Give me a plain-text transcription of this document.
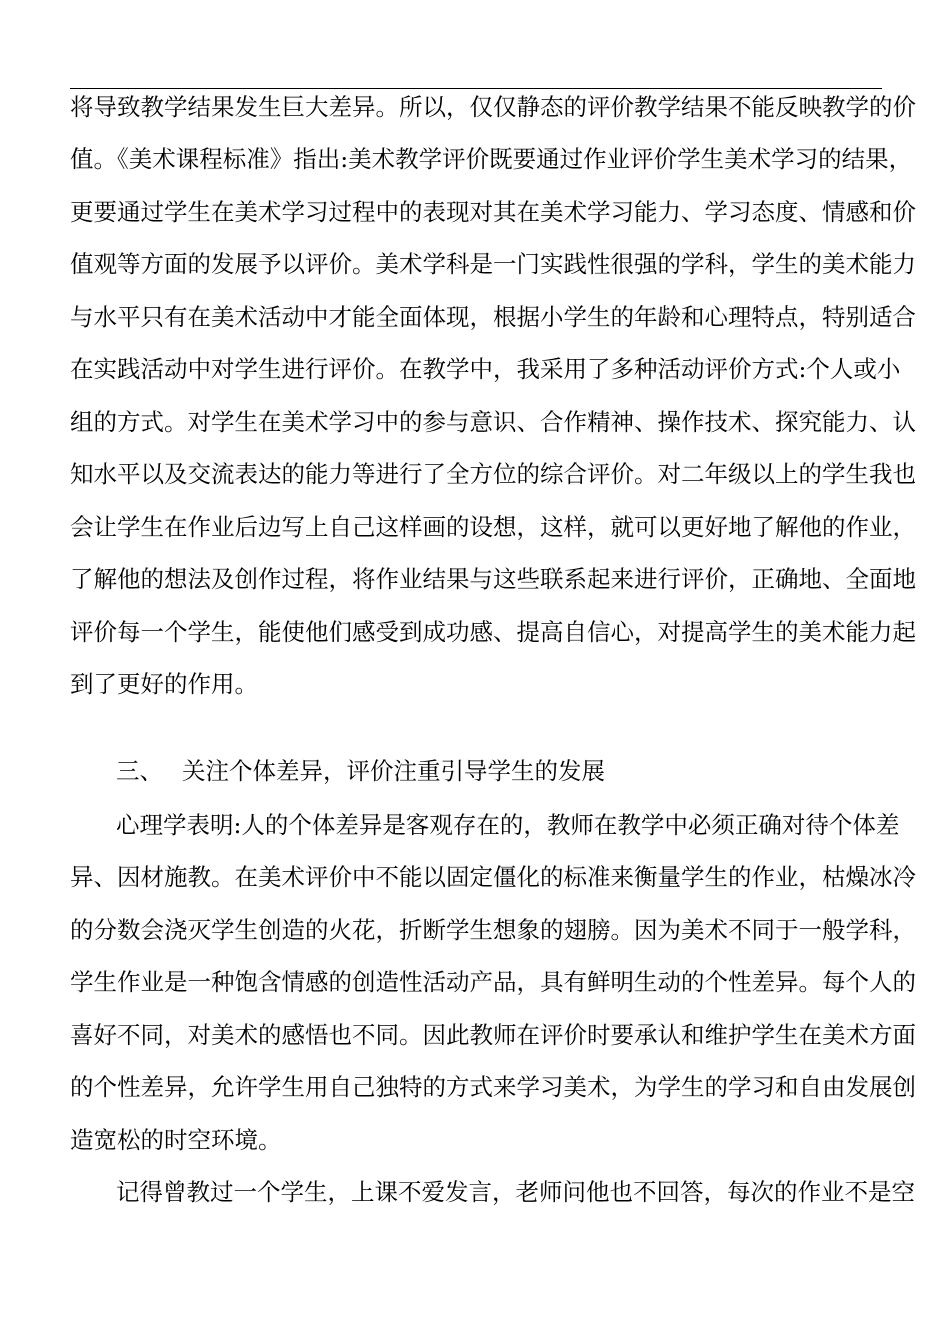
将导致教学结果发生巨大差异。所以，仅仅静态的评价教学结果不能反映教学的价
值。《美术课程标准》指出:美术教学评价既要通过作业评价学生美术学习的结果，
更要通过学生在美术学习过程中的表现对其在美术学习能力、学习态度、情感和价
值观等方面的发展予以评价。美术学科是一门实践性很强的学科，学生的美术能力
与水平只有在美术活动中才能全面体现，根据小学生的年龄和心理特点，特别适合
在实践活动中对学生进行评价。在教学中，我采用了多种活动评价方式:个人或小
组的方式。对学生在美术学习中的参与意识、合作精神、操作技术、探究能力、认
知水平以及交流表达的能力等进行了全方位的综合评价。对二年级以上的学生我也
会让学生在作业后边写上自己这样画的设想，这样，就可以更好地了解他的作业，
了解他的想法及创作过程，将作业结果与这些联系起来进行评价，正确地、全面地
评价每一个学生，能使他们感受到成功感、提高自信心，对提高学生的美术能力起
到了更好的作用。
三、 关注个体差异，评价注重引导学生的发展
心理学表明:人的个体差异是客观存在的，教师在教学中必须正确对待个体差
异、因材施教。在美术评价中不能以固定僵化的标准来衡量学生的作业，枯燥冰冷
的分数会浇灭学生创造的火花，折断学生想象的翅膀。因为美术不同于一般学科，
学生作业是一种饱含情感的创造性活动产品，具有鲜明生动的个性差异。每个人的
喜好不同，对美术的感悟也不同。因此教师在评价时要承认和维护学生在美术方面
的个性差异，允许学生用自己独特的方式来学习美术，为学生的学习和自由发展创
造宽松的时空环境。
记得曾教过一个学生，上课不爱发言，老师问他也不回答，每次的作业不是空
